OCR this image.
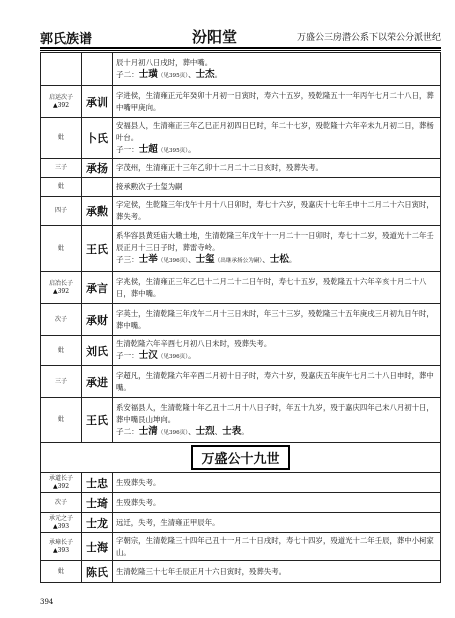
郭氏族谱	汾阳堂	万盛公三房潜公系下以荣公分派世纪
		辰十月初八日戌时，葬中嘴。
子二：士璜（见395页）、士杰。

启运次子 ▲392	承训	字进侯，生清雍正元年癸卯十月初一日寅时，寿六十五岁，殁乾隆五十一年丙午七月二十八日，葬中嘴甲庚向。
妣	卜氏	安福县人，生清雍正三年乙巳正月初四日巳时，年二十七岁，殁乾隆十六年辛未九月初二日，葬杨叶台。
子一：士超（见395页）。

三子	承扬	字茂州，生清雍正十三年乙卯十二月二十二日亥时，殁葬失考。
妣		接承勲次子士玺为嗣
四子	承勲	字定侯，生乾隆三年戊午十月十八日卯时，寿七十六岁，殁嘉庆十七年壬申十二月二十六日寅时，葬失考。
妣	王氏	系华容县黄廷庙大墈土地，生清乾隆三年戊午十一月二十一日卯时，寿七十二岁，殁道光十二年壬辰正月十三日子时，葬雷寺岭。
子三：士举（见396页）、士玺（出继承扬公为嗣）、士松。

启冶长子 ▲392	承言	字兆侯，生清雍正三年乙巳十二月二十二日午时，寿七十五岁，殁乾隆五十六年辛亥十月二十八日，葬中嘴。
次子	承财	字英士，生清乾隆三年戊午二月十三日未时，年三十三岁，殁乾隆三十五年庚戌三月初九日午时，葬中嘴。
妣	刘氏	生清乾隆六年辛酉七月初八日未时，殁葬失考。
子一：士汉（见396页）。

三子	承进	字超凡，生清乾隆六年辛酉二月初十日子时，寿六十岁，殁嘉庆五年庚午七月二十八日申时，葬中嘴。
妣	王氏	系安福县人，生清乾隆十年乙丑十二月十八日子时，年五十九岁，殁于嘉庆四年己未八月初十日，葬中嘴艮山坤向。
子二：士清（见396页）、士烈、士表。

万盛公十九世		
承道长子 ▲392	士忠	生殁葬失考。
次子	士琦	生殁葬失考。
承元之子 ▲393	士龙	远迁，失考，生清雍正甲辰年。
承璋长子 ▲393	士海	字朝宗，生清乾隆三十四年己丑十一月二十日戌时，寿七十四岁，殁道光十二年壬辰，葬中小柯家山。
妣	陈氏	生清乾隆三十七年壬辰正月十六日寅时，殁葬失考。
394
